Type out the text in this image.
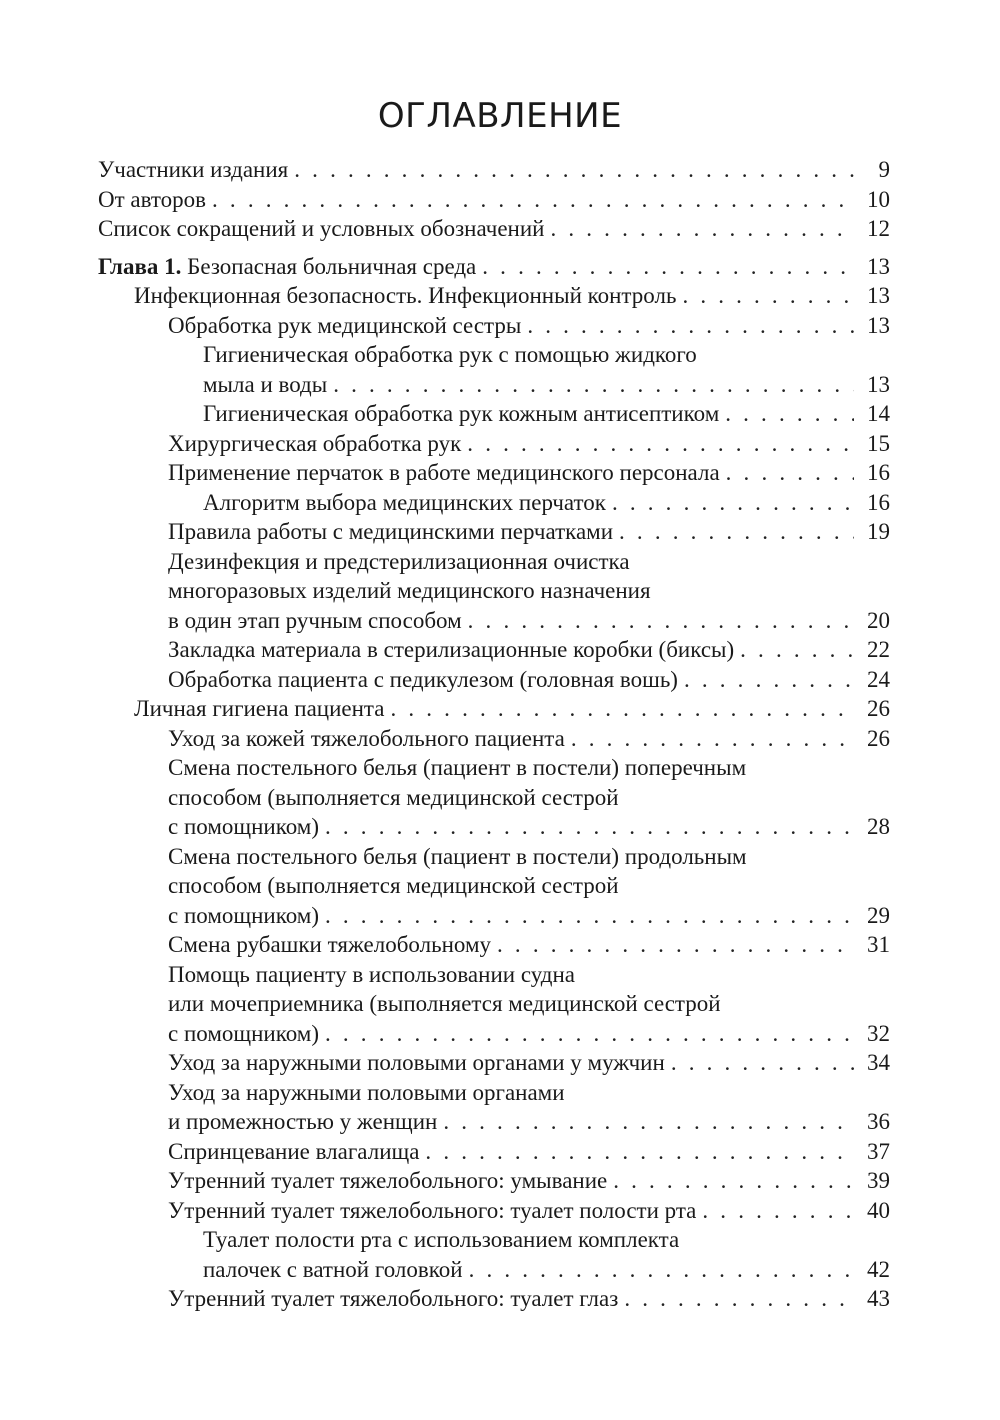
ОГЛАВЛЕНИЕ
Участники издания . . .	9
От авторов . . .	10
Список сокращений и условных обозначений . . .	12
Глава 1. Безопасная больничная среда . . .	13
Инфекционная безопасность. Инфекционный контроль . . .	13
Обработка рук медицинской сестры . . .	13
Гигиеническая обработка рук с помощью жидкого
мыла и воды . . .	13
Гигиеническая обработка рук кожным антисептиком . . .	14
Хирургическая обработка рук . . .	15
Применение перчаток в работе медицинского персонала . . .	16
Алгоритм выбора медицинских перчаток . . .	16
Правила работы с медицинскими перчатками . . .	19
Дезинфекция и предстерилизационная очистка
многоразовых изделий медицинского назначения
в один этап ручным способом . . .	20
Закладка материала в стерилизационные коробки (биксы) . . .	22
Обработка пациента с педикулезом (головная вошь) . . .	24
Личная гигиена пациента . . .	26
Уход за кожей тяжелобольного пациента . . .	26
Смена постельного белья (пациент в постели) поперечным
способом (выполняется медицинской сестрой
с помощником) . . .	28
Смена постельного белья (пациент в постели) продольным
способом (выполняется медицинской сестрой
с помощником) . . .	29
Смена рубашки тяжелобольному . . .	31
Помощь пациенту в использовании судна
или мочеприемника (выполняется медицинской сестрой
с помощником) . . .	32
Уход за наружными половыми органами у мужчин . . .	34
Уход за наружными половыми органами
и промежностью у женщин . . .	36
Спринцевание влагалища . . .	37
Утренний туалет тяжелобольного: умывание . . .	39
Утренний туалет тяжелобольного: туалет полости рта . . .	40
Туалет полости рта с использованием комплекта
палочек с ватной головкой . . .	42
Утренний туалет тяжелобольного: туалет глаз . . .	43
